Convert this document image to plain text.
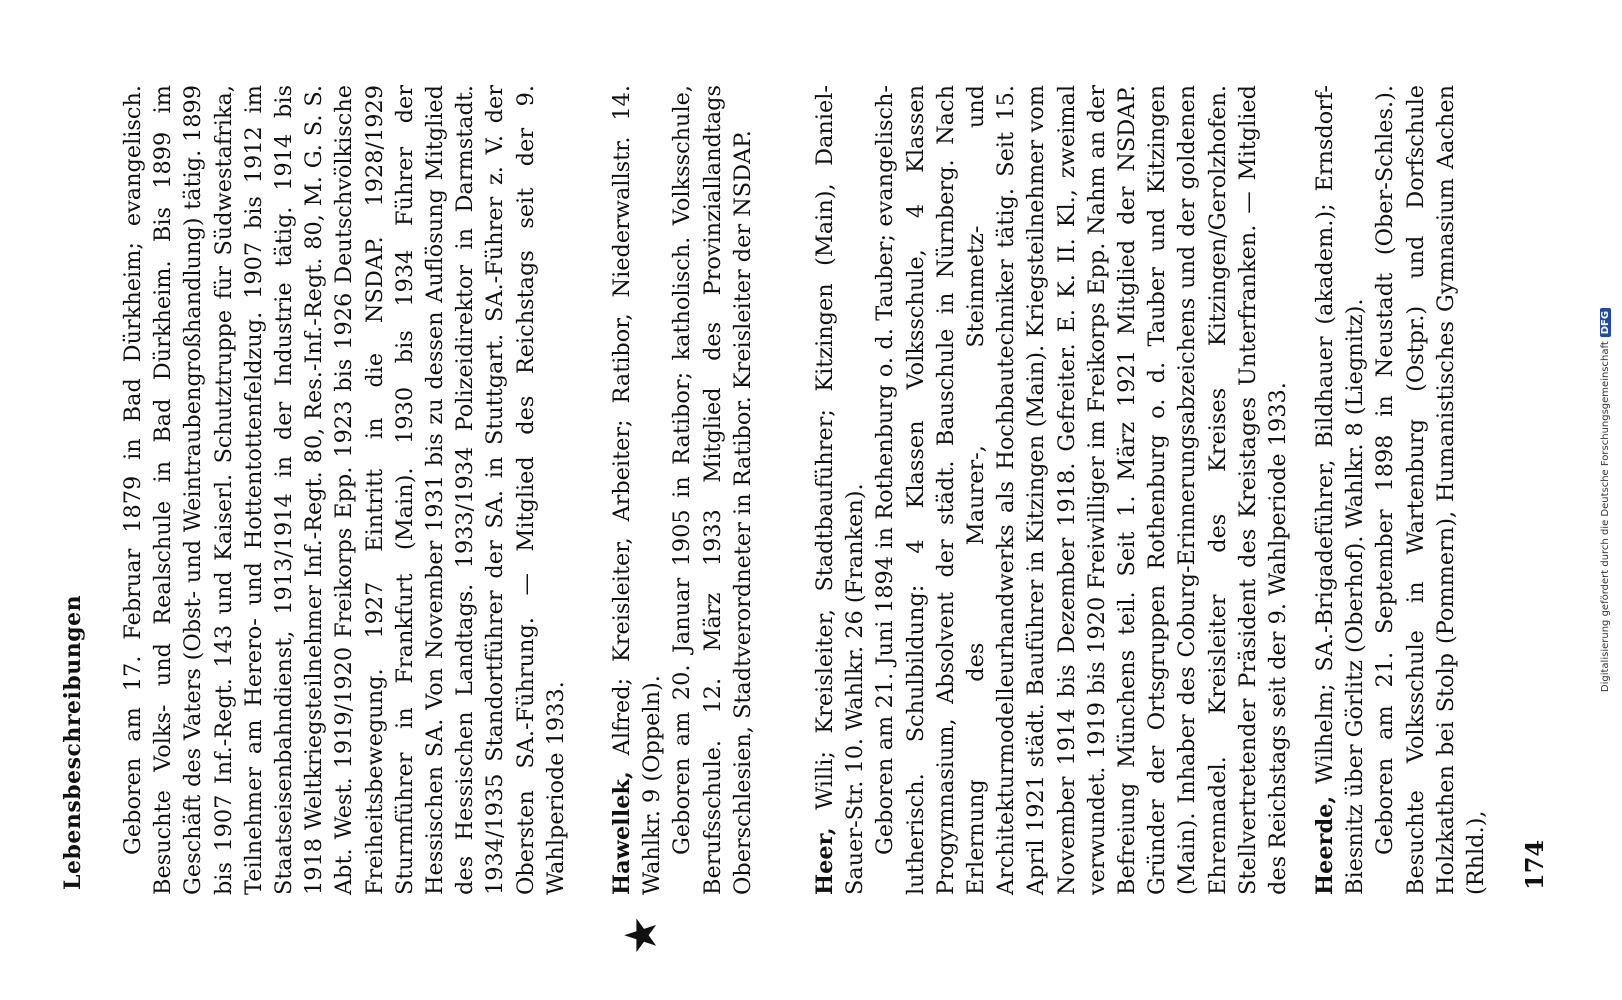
Lebensbeschreibungen
★

Geboren am 17. Februar 1879 in Bad Dürkheim; evangelisch. Besuchte Volks- und Realschule in Bad Dürkheim. Bis 1899 im Geschäft des Vaters (Obst- und Weintraubengroßhandlung) tätig. 1899 bis 1907 Inf.-Regt. 143 und Kaiserl. Schutztruppe für Südwestafrika, Teilnehmer am Herero- und Hottentottenfeldzug. 1907 bis 1912 im Staatseisenbahndienst, 1913/1914 in der Industrie tätig. 1914 bis 1918 Weltkriegsteilnehmer Inf.-Regt. 80, Res.-Inf.-Regt. 80, M. G. S. S. Abt. West. 1919/1920 Freikorps Epp. 1923 bis 1926 Deutschvölkische Freiheitsbewegung. 1927 Eintritt in die NSDAP. 1928/1929 Sturmführer in Frankfurt (Main). 1930 bis 1934 Führer der Hessischen SA. Von November 1931 bis zu dessen Auflösung Mitglied des Hessischen Landtags. 1933/1934 Polizeidirektor in Darmstadt. 1934/1935 Standortführer der SA. in Stuttgart. SA.-Führer z. V. der Obersten SA.-Führung. — Mitglied des Reichstags seit der 9. Wahlperiode 1933. Hawellek, Alfred; Kreisleiter, Arbeiter; Ratibor, Niederwallstr. 14. Wahlkr. 9 (Oppeln). Geboren am 20. Januar 1905 in Ratibor; katholisch. Volksschule, Berufsschule. 12. März 1933 Mitglied des Provinziallandtags Oberschlesien, Stadtverordneter in Ratibor. Kreisleiter der NSDAP.	Heer, Willi; Kreisleiter, Stadtbauführer; Kitzingen (Main), Daniel-Sauer-Str. 10. Wahlkr. 26 (Franken). Geboren am 21. Juni 1894 in Rothenburg o. d. Tauber; evangelisch-lutherisch. Schulbildung: 4 Klassen Volksschule, 4 Klassen Progymnasium, Absolvent der städt. Bauschule in Nürnberg. Nach Erlernung des Maurer-, Steinmetz- und Architekturmodelleurhandwerks als Hochbautechniker tätig. Seit 15. April 1921 städt. Bauführer in Kitzingen (Main). Kriegsteilnehmer vom November 1914 bis Dezember 1918. Gefreiter. E. K. II. Kl., zweimal verwundet. 1919 bis 1920 Freiwilliger im Freikorps Epp. Nahm an der Befreiung Münchens teil. Seit 1. März 1921 Mitglied der NSDAP. Gründer der Ortsgruppen Rothenburg o. d. Tauber und Kitzingen (Main). Inhaber des Coburg-Erinnerungsabzeichens und der goldenen Ehrennadel. Kreisleiter des Kreises Kitzingen/Gerolzhofen. Stellvertretender Präsident des Kreistages Unterfranken. — Mitglied des Reichstags seit der 9. Wahlperiode 1933. Heerde, Wilhelm; SA.-Brigadeführer, Bildhauer (akadem.); Ernsdorf-Biesnitz über Görlitz (Oberhof). Wahlkr. 8 (Liegnitz). Geboren am 21. September 1898 in Neustadt (Ober-Schles.). Besuchte Volksschule in Wartenburg (Ostpr.) und Dorfschule Holzkathen bei Stolp (Pommern), Humanistisches Gymnasium Aachen (Rhld.), 174
Digitalisierung gefördert durch die Deutsche ForschungsgemeinschaftDFG
